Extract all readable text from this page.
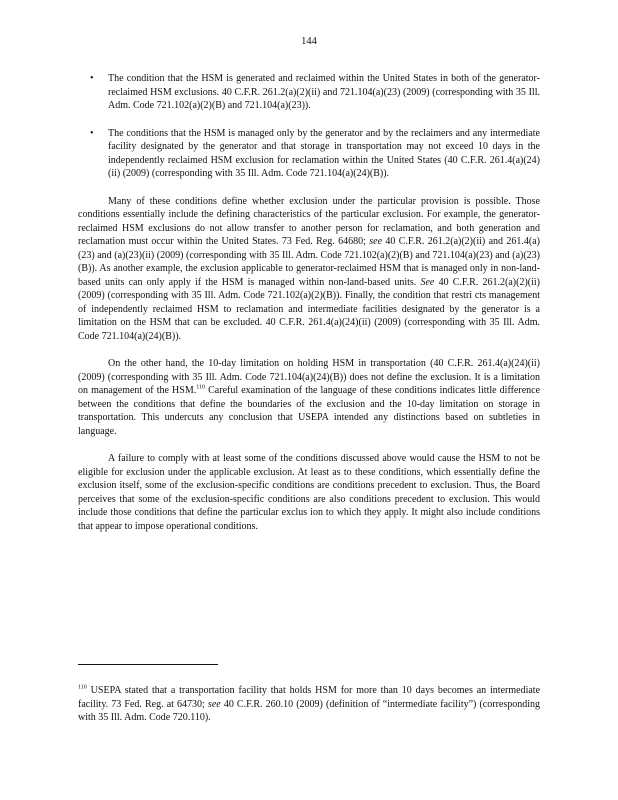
144
• The condition that the HSM is generated and reclaimed within the United States in both of the generator-reclaimed HSM exclusions. 40 C.F.R. 261.2(a)(2)(ii) and 721.104(a)(23) (2009) (corresponding with 35 Ill. Adm. Code 721.102(a)(2)(B) and 721.104(a)(23)).
• The conditions that the HSM is managed only by the generator and by the reclaimers and any intermediate facility designated by the generator and that storage in transportation may not exceed 10 days in the independently reclaimed HSM exclusion for reclamation within the United States (40 C.F.R. 261.4(a)(24)(ii) (2009) (corresponding with 35 Ill. Adm. Code 721.104(a)(24)(B)).

Many of these conditions define whether exclusion under the particular provision is possible. Those conditions essentially include the defining characteristics of the particular exclusion. For example, the generator-reclaimed HSM exclusions do not allow transfer to another person for reclamation, and both generation and reclamation must occur within the United States. 73 Fed. Reg. 64680; see 40 C.F.R. 261.2(a)(2)(ii) and 261.4(a)(23) and (a)(23)(ii) (2009) (corresponding with 35 Ill. Adm. Code 721.102(a)(2)(B) and 721.104(a)(23) and (a)(23)(B)). As another example, the exclusion applicable to generator-reclaimed HSM that is managed only in non-land-based units can only apply if the HSM is managed within non-land-based units. See 40 C.F.R. 261.2(a)(2)(ii) (2009) (corresponding with 35 Ill. Adm. Code 721.102(a)(2)(B)). Finally, the condition that restri cts management of independently reclaimed HSM to reclamation and intermediate facilities designated by the generator is a limitation on the HSM that can be excluded. 40 C.F.R. 261.4(a)(24)(ii) (2009) (corresponding with 35 Ill. Adm. Code 721.104(a)(24)(B)).

On the other hand, the 10-day limitation on holding HSM in transportation (40 C.F.R. 261.4(a)(24)(ii) (2009) (corresponding with 35 Ill. Adm. Code 721.104(a)(24)(B)) does not define the exclusion. It is a limitation on management of the HSM.$^{110}$ Careful examination of the language of these conditions indicates little difference between the conditions that define the boundaries of the exclusion and the 10-day limitation on storage in transportation. This undercuts any conclusion that USEPA intended any distinctions based on subtleties in language.

A failure to comply with at least some of the conditions discussed above would cause the HSM to not be eligible for exclusion under the applicable exclusion. At least as to these conditions, which essentially define the exclusion itself, some of the exclusion-specific conditions are conditions precedent to exclusion. Thus, the Board perceives that some of the exclusion-specific conditions are also conditions precedent to exclusion. This would include those conditions that define the particular exclus ion to which they apply. It might also include conditions that appear to impose operational conditions.

$^{110}$ USEPA stated that a transportation facility that holds HSM for more than 10 days becomes an intermediate facility. 73 Fed. Reg. at 64730; see 40 C.F.R. 260.10 (2009) (definition of “intermediate facility”) (corresponding with 35 Ill. Adm. Code 720.110).
